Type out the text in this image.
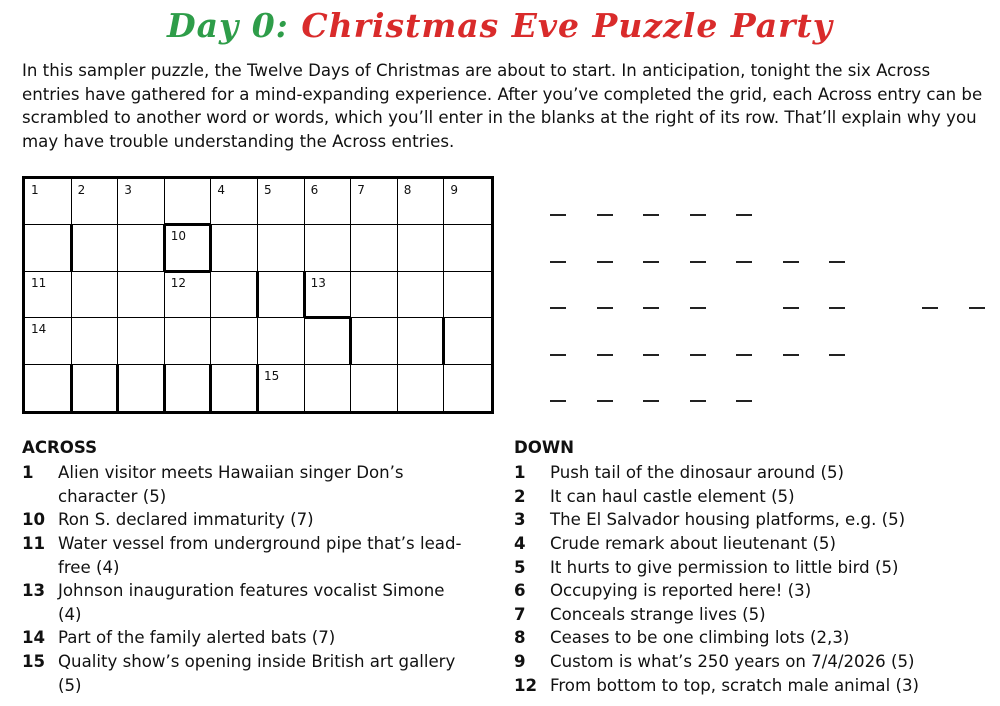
Day 0: Christmas Eve Puzzle Party

In this sampler puzzle, the Twelve Days of Christmas are about to start. In anticipation, tonight the six Across entries have gathered for a mind-expanding experience. After you’ve completed the grid, each Across entry can be scrambled to another word or words, which you’ll enter in the blanks at the right of its row. That’ll explain why you may have trouble understanding the Across entries.

1	2	3	4	5	6	7	8	9
10
11	12	13
14
15
ACROSS
1	Alien visitor meets Hawaiian singer Don’s character (5)
10 Ron S. declared immaturity (7)
11 Water vessel from underground pipe that’s lead-free (4)
13 Johnson inauguration features vocalist Simone (4)
14 Part of the family alerted bats (7)
15 Quality show’s opening inside British art gallery (5)
DOWN
1	Push tail of the dinosaur around (5)
2	It can haul castle element (5)
3	The El Salvador housing platforms, e.g. (5)
4	Crude remark about lieutenant (5)
5	It hurts to give permission to little bird (5)
6	Occupying is reported here! (3)
7	Conceals strange lives (5)
8	Ceases to be one climbing lots (2,3)
9	Custom is what’s 250 years on 7/4/2026 (5)
12 From bottom to top, scratch male animal (3)
